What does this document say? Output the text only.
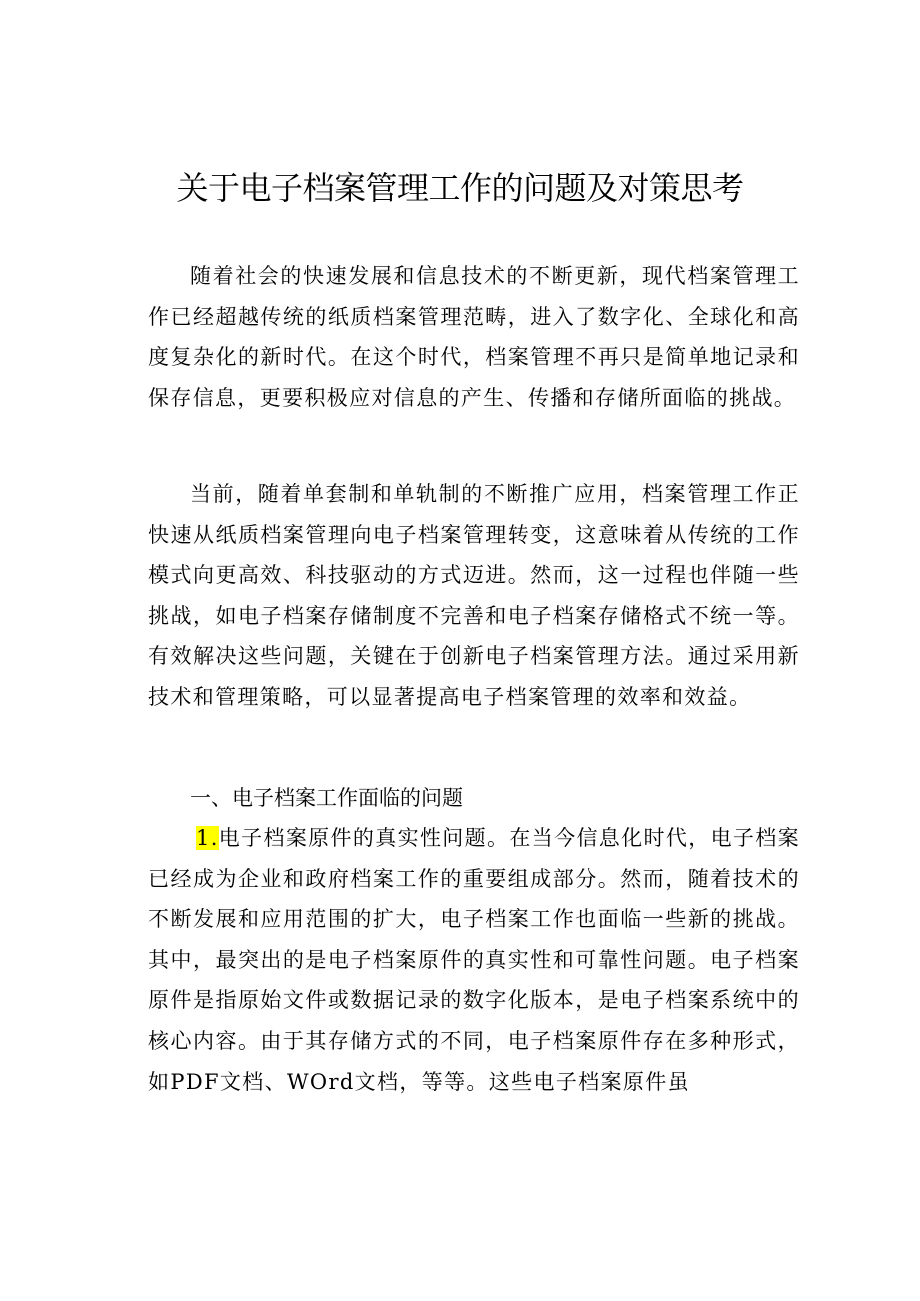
关于电子档案管理工作的问题及对策思考

随着社会的快速发展和信息技术的不断更新，现代档案管理工作已经超越传统的纸质档案管理范畴，进入了数字化、全球化和高度复杂化的新时代。在这个时代，档案管理不再只是简单地记录和保存信息，更要积极应对信息的产生、传播和存储所面临的挑战。

当前，随着单套制和单轨制的不断推广应用，档案管理工作正快速从纸质档案管理向电子档案管理转变，这意味着从传统的工作模式向更高效、科技驱动的方式迈进。然而，这一过程也伴随一些挑战，如电子档案存储制度不完善和电子档案存储格式不统一等。有效解决这些问题，关键在于创新电子档案管理方法。通过采用新技术和管理策略，可以显著提高电子档案管理的效率和效益。

一、电子档案工作面临的问题

1.电子档案原件的真实性问题。在当今信息化时代，电子档案已经成为企业和政府档案工作的重要组成部分。然而，随着技术的不断发展和应用范围的扩大，电子档案工作也面临一些新的挑战。其中，最突出的是电子档案原件的真实性和可靠性问题。电子档案原件是指原始文件或数据记录的数字化版本，是电子档案系统中的核心内容。由于其存储方式的不同，电子档案原件存在多种形式，如PDF文档、WOrd文档，等等。这些电子档案原件虽
